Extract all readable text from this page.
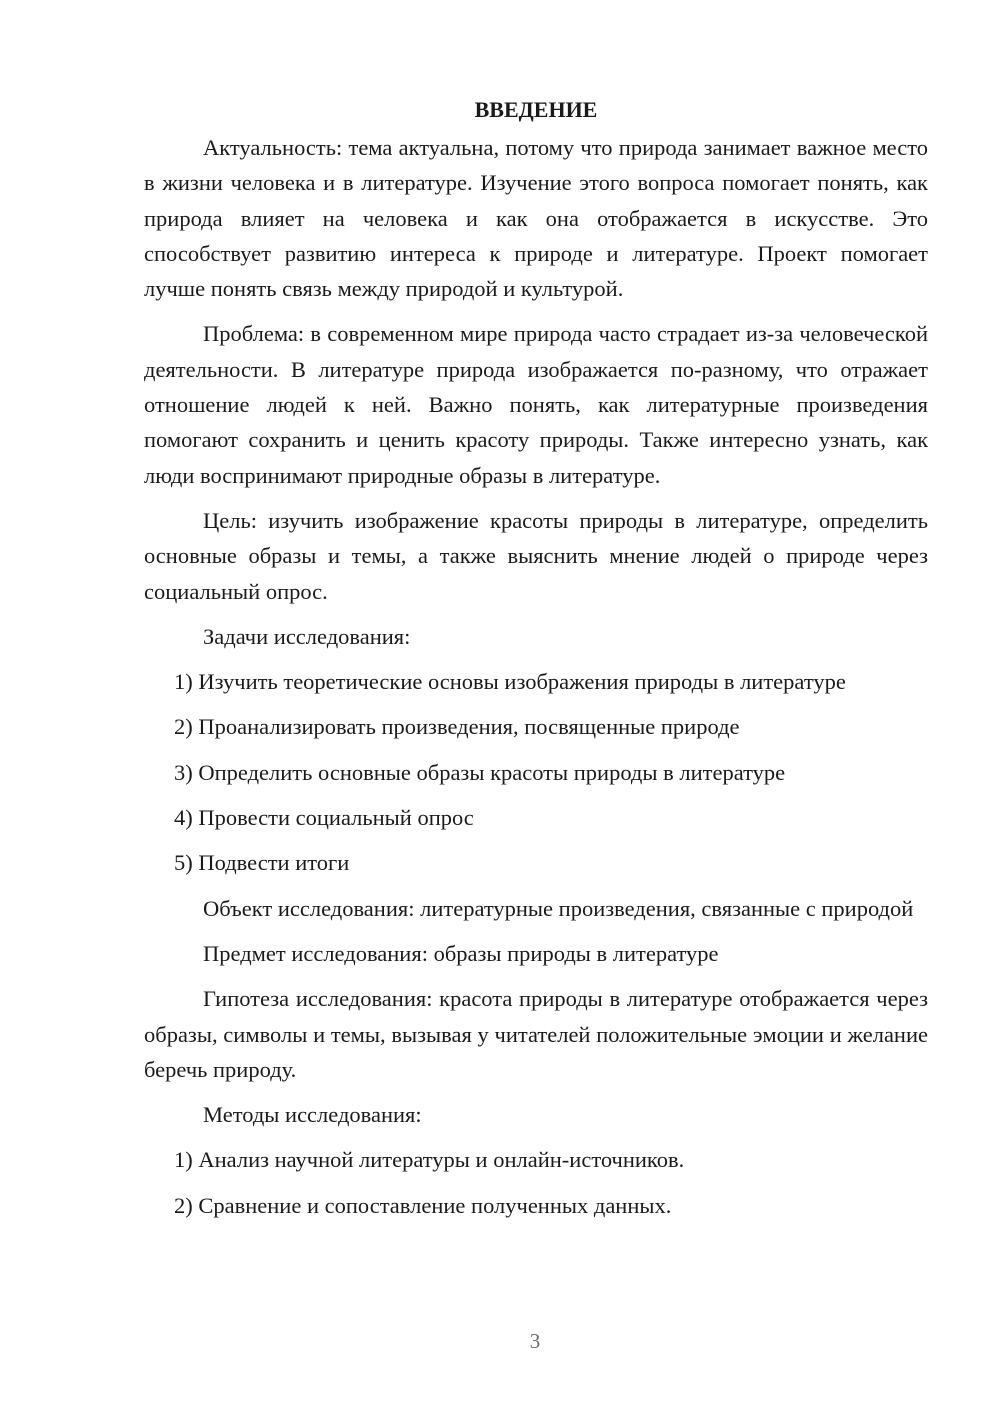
ВВЕДЕНИЕ

Актуальность: тема актуальна, потому что природа занимает важное место в жизни человека и в литературе. Изучение этого вопроса помогает понять, как природа влияет на человека и как она отображается в искусстве. Это способствует развитию интереса к природе и литературе. Проект помогает лучше понять связь между природой и культурой.

Проблема: в современном мире природа часто страдает из-за человеческой деятельности. В литературе природа изображается по-разному, что отражает отношение людей к ней. Важно понять, как литературные произведения помогают сохранить и ценить красоту природы. Также интересно узнать, как люди воспринимают природные образы в литературе.

Цель: изучить изображение красоты природы в литературе, определить основные образы и темы, а также выяснить мнение людей о природе через социальный опрос.

Задачи исследования:

1) Изучить теоретические основы изображения природы в литературе
2) Проанализировать произведения, посвященные природе
3) Определить основные образы красоты природы в литературе
4) Провести социальный опрос
5) Подвести итоги

Объект исследования: литературные произведения, связанные с природой

Предмет исследования: образы природы в литературе

Гипотеза исследования: красота природы в литературе отображается через образы, символы и темы, вызывая у читателей положительные эмоции и желание беречь природу.

Методы исследования:

1) Анализ научной литературы и онлайн-источников.
2) Сравнение и сопоставление полученных данных.
3
